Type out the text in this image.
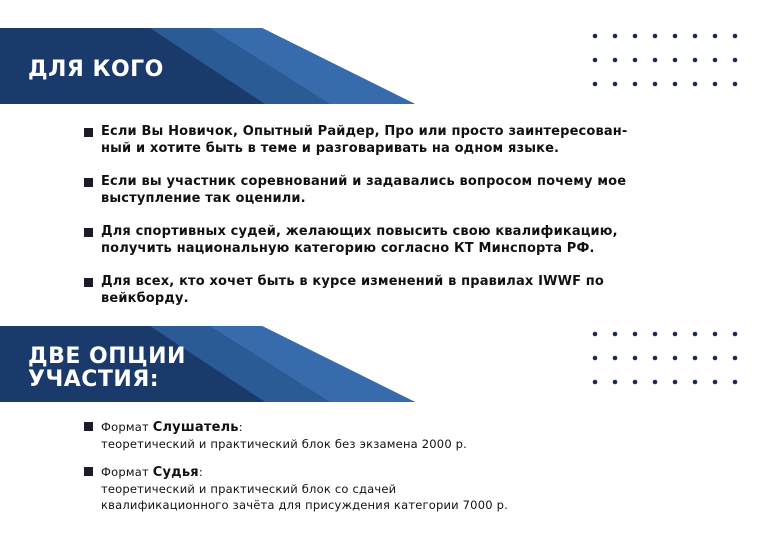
ДЛЯ КОГО
Если Вы Новичок, Опытный Райдер, Про или просто заинтересован-ный и хотите быть в теме и разговаривать на одном языке.
Если вы участник соревнований и задавались вопросом почему мое выступление так оценили.
Для спортивных судей, желающих повысить свою квалификацию, получить национальную категорию согласно КТ Минспорта РФ.
Для всех, кто хочет быть в курсе изменений в правилах IWWF по вейкборду.
ДВЕ ОПЦИИ УЧАСТИЯ:
Формат Слушатель:
теоретический и практический блок без экзамена 2000 р.
Формат Судья:
теоретический и практический блок со сдачей
квалификационного зачёта для присуждения категории 7000 р.
